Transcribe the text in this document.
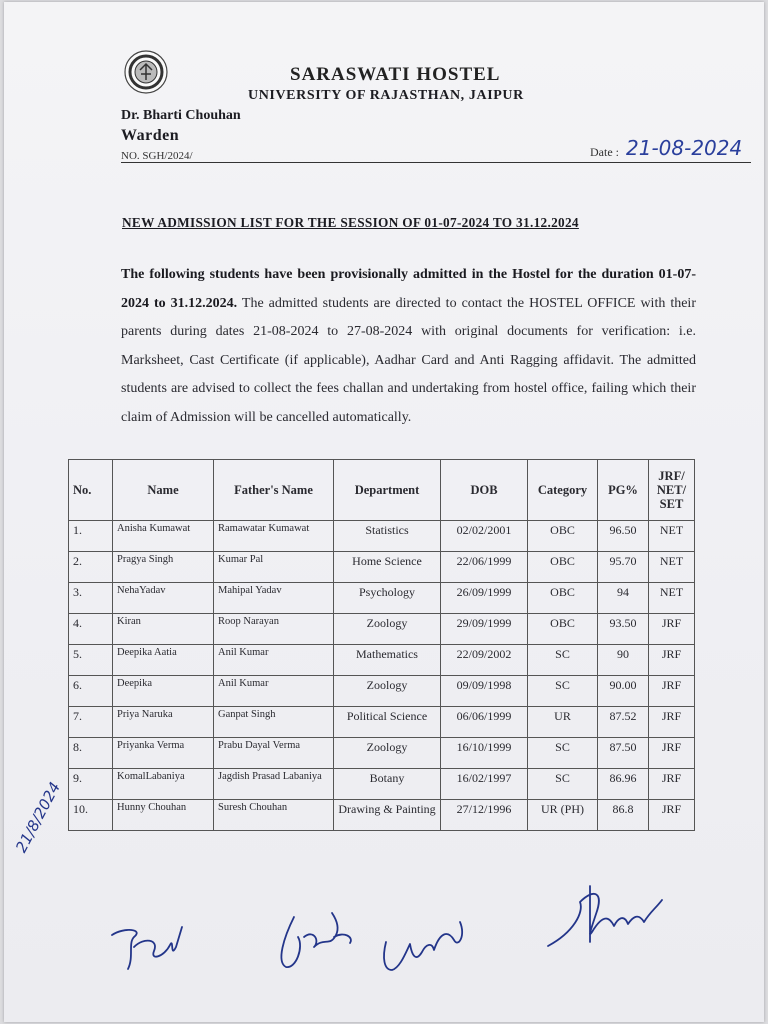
SARASWATI HOSTEL
UNIVERSITY OF RAJASTHAN, JAIPUR
Dr. Bharti Chouhan
Warden
NO. SGH/2024/	Date : 21-08-2024
NEW ADMISSION LIST FOR THE SESSION OF 01-07-2024 TO 31.12.2024
The following students have been provisionally admitted in the Hostel for the duration 01-07-2024 to 31.12.2024. The admitted students are directed to contact the HOSTEL OFFICE with their parents during dates 21-08-2024 to 27-08-2024 with original documents for verification: i.e. Marksheet, Cast Certificate (if applicable), Aadhar Card and Anti Ragging affidavit. The admitted students are advised to collect the fees challan and undertaking from hostel office, failing which their claim of Admission will be cancelled automatically.
No.	Name	Father's Name	Department	DOB	Category	PG%	JRF/ NET/ SET
1.	Anisha Kumawat	Ramawatar Kumawat	Statistics	02/02/2001	OBC	96.50	NET
2.	Pragya Singh	Kumar Pal	Home Science	22/06/1999	OBC	95.70	NET
3.	NehaYadav	Mahipal Yadav	Psychology	26/09/1999	OBC	94	NET
4.	Kiran	Roop Narayan	Zoology	29/09/1999	OBC	93.50	JRF
5.	Deepika Aatia	Anil Kumar	Mathematics	22/09/2002	SC	90	JRF
6.	Deepika	Anil Kumar	Zoology	09/09/1998	SC	90.00	JRF
7.	Priya Naruka	Ganpat Singh	Political Science	06/06/1999	UR	87.52	JRF
8.	Priyanka Verma	Prabu Dayal Verma	Zoology	16/10/1999	SC	87.50	JRF
9.	KomalLabaniya	Jagdish Prasad Labaniya	Botany	16/02/1997	SC	86.96	JRF
10.	Hunny Chouhan	Suresh Chouhan	Drawing & Painting	27/12/1996	UR (PH)	86.8	JRF
21/8/2024
